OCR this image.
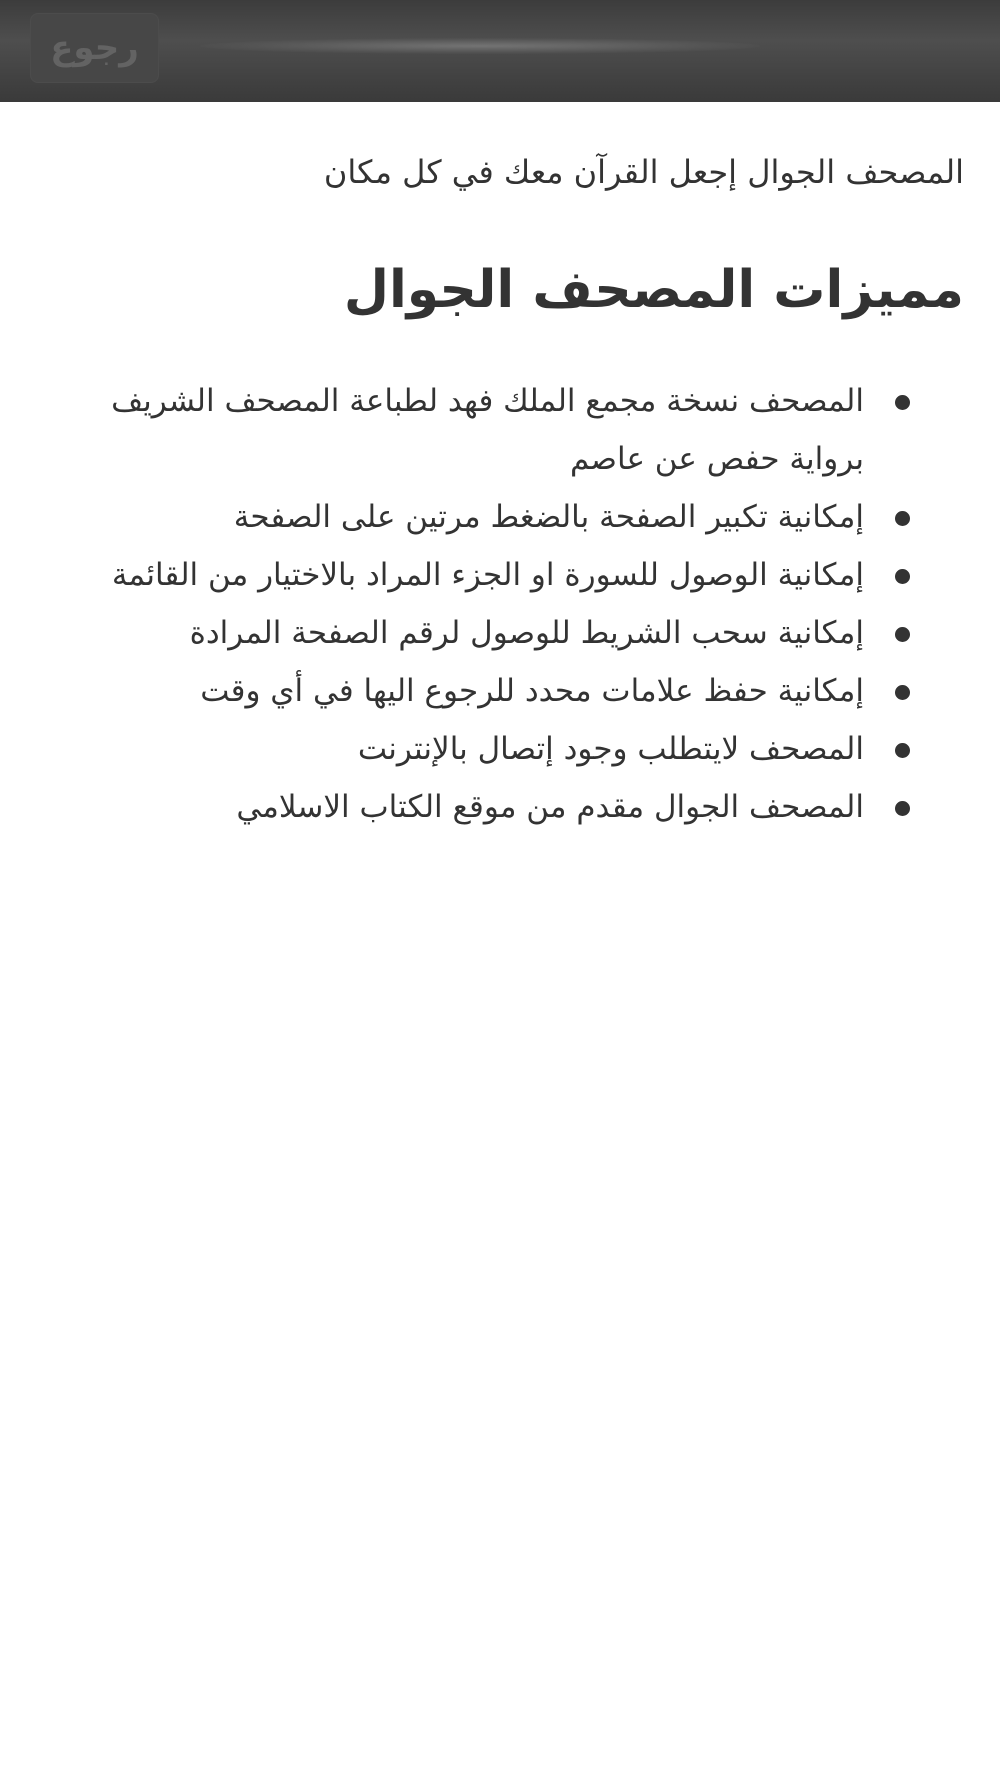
رجوع

المصحف الجوال إجعل القرآن معك في كل مكان

مميزات المصحف الجوال
المصحف نسخة مجمع الملك فهد لطباعة المصحف الشريف برواية حفص عن عاصم
إمكانية تكبير الصفحة بالضغط مرتين على الصفحة
إمكانية الوصول للسورة او الجزء المراد بالاختيار من القائمة
إمكانية سحب الشريط للوصول لرقم الصفحة المرادة
إمكانية حفظ علامات محدد للرجوع اليها في أي وقت
المصحف لايتطلب وجود إتصال بالإنترنت
المصحف الجوال مقدم من موقع الكتاب الاسلامي
